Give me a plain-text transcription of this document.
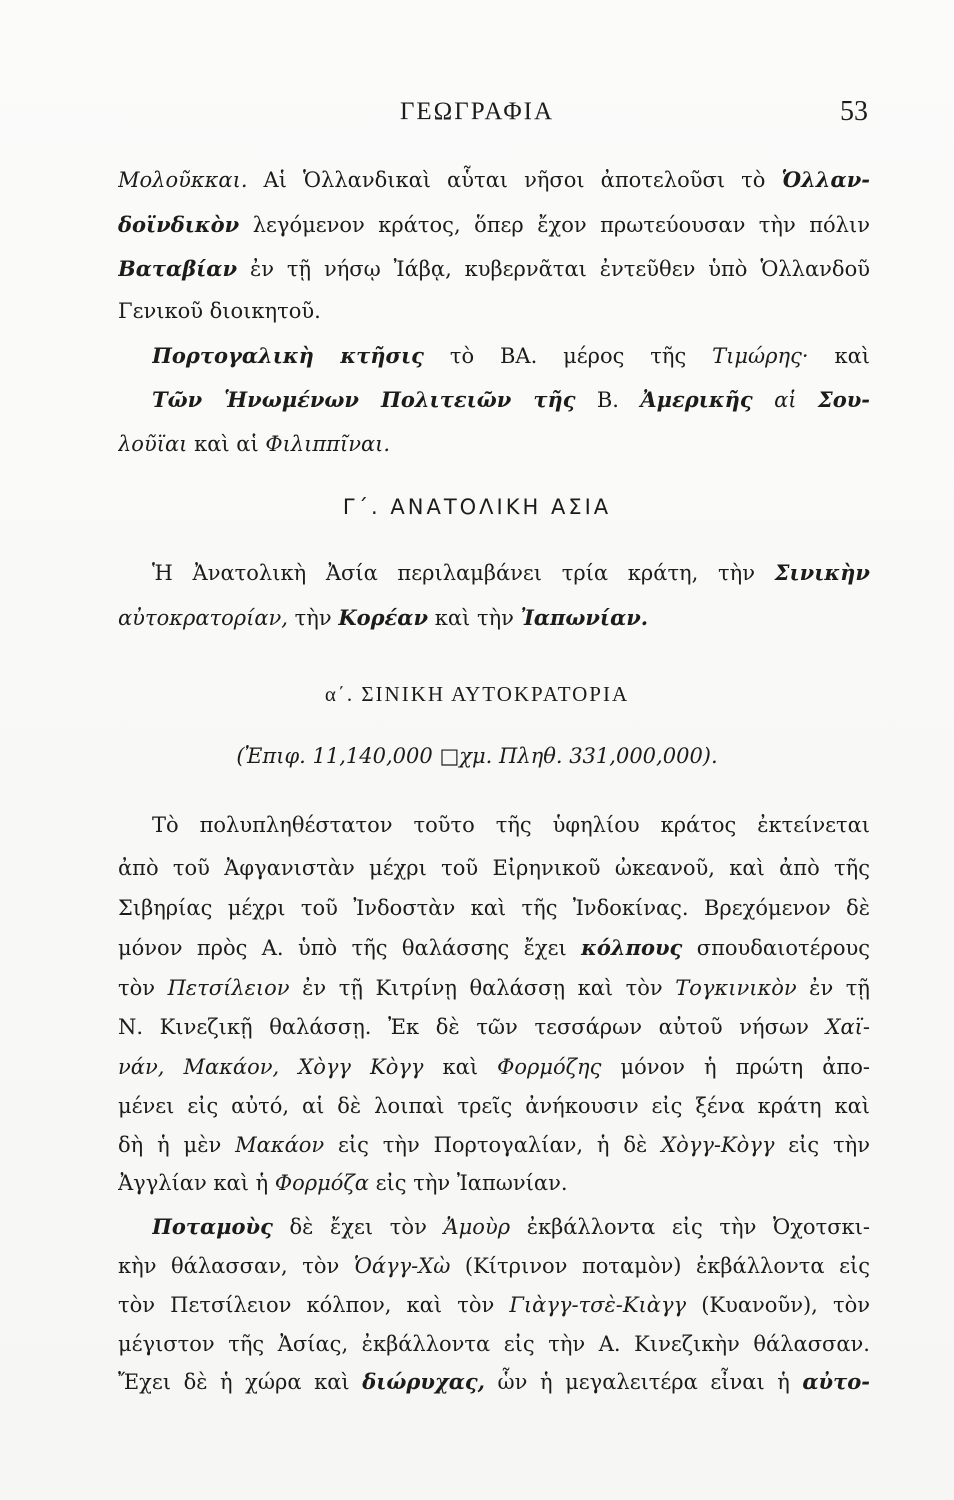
ΓΕΩΓΡΑΦΙΑ	53
Μολοῦκκαι. Αἱ Ὁλλανδικαὶ αὗται νῆσοι ἀποτελοῦσι τὸ Ὁλλαν-
δοϊνδικὸν λεγόμενον κράτος, ὅπερ ἔχον πρωτεύουσαν τὴν πόλιν
Βαταβίαν ἐν τῇ νήσῳ Ἰάβᾳ, κυβερνᾶται ἐντεῦθεν ὑπὸ Ὁλλανδοῦ
Γενικοῦ διοικητοῦ.
Πορτογαλικὴ κτῆσις τὸ ΒΑ. μέρος τῆς Τιμώρης· καὶ
Τῶν Ἡνωμένων Πολιτειῶν τῆς Β. Ἀμερικῆς αἱ Σου-
λοῦϊαι καὶ αἱ Φιλιππῖναι.
Γ΄. ΑΝΑΤΟΛΙΚΗ ΑΣΙΑ
Ἡ Ἀνατολικὴ Ἀσία περιλαμβάνει τρία κράτη, τὴν Σινικὴν
αὐτοκρατορίαν, τὴν Κορέαν καὶ τὴν Ἰαπωνίαν.
α΄. ΣΙΝΙΚΗ ΑΥΤΟΚΡΑΤΟΡΙΑ
(Ἐπιφ. 11,140,000 □χμ. Πληθ. 331,000,000).
Τὸ πολυπληθέστατον τοῦτο τῆς ὑφηλίου κράτος ἐκτείνεται
ἀπὸ τοῦ Ἀφγανιστὰν μέχρι τοῦ Εἰρηνικοῦ ὠκεανοῦ, καὶ ἀπὸ τῆς
Σιβηρίας μέχρι τοῦ Ἰνδοστὰν καὶ τῆς Ἰνδοκίνας. Βρεχόμενον δὲ
μόνον πρὸς Α. ὑπὸ τῆς θαλάσσης ἔχει κόλπους σπουδαιοτέρους
τὸν Πετσίλειον ἐν τῇ Κιτρίνῃ θαλάσσῃ καὶ τὸν Τογκινικὸν ἐν τῇ
Ν. Κινεζικῇ θαλάσσῃ. Ἐκ δὲ τῶν τεσσάρων αὐτοῦ νήσων Χαϊ-
νάν, Μακάον, Χὸγγ Κὸγγ καὶ Φορμόζης μόνον ἡ πρώτη ἀπο-
μένει εἰς αὐτό, αἱ δὲ λοιπαὶ τρεῖς ἀνήκουσιν εἰς ξένα κράτη καὶ
δὴ ἡ μὲν Μακάον εἰς τὴν Πορτογαλίαν, ἡ δὲ Χὸγγ-Κὸγγ εἰς τὴν
Ἀγγλίαν καὶ ἡ Φορμόζα εἰς τὴν Ἰαπωνίαν.
Ποταμοὺς δὲ ἔχει τὸν Ἀμοὺρ ἐκβάλλοντα εἰς τὴν Ὀχοτσκι-
κὴν θάλασσαν, τὸν Ὁάγγ-Χὼ (Κίτρινον ποταμὸν) ἐκβάλλοντα εἰς
τὸν Πετσίλειον κόλπον, καὶ τὸν Γιὰγγ-τσὲ-Κιὰγγ (Κυανοῦν), τὸν
μέγιστον τῆς Ἀσίας, ἐκβάλλοντα εἰς τὴν Α. Κινεζικὴν θάλασσαν.
Ἔχει δὲ ἡ χώρα καὶ διώρυχας, ὧν ἡ μεγαλειτέρα εἶναι ἡ αὐτο-
